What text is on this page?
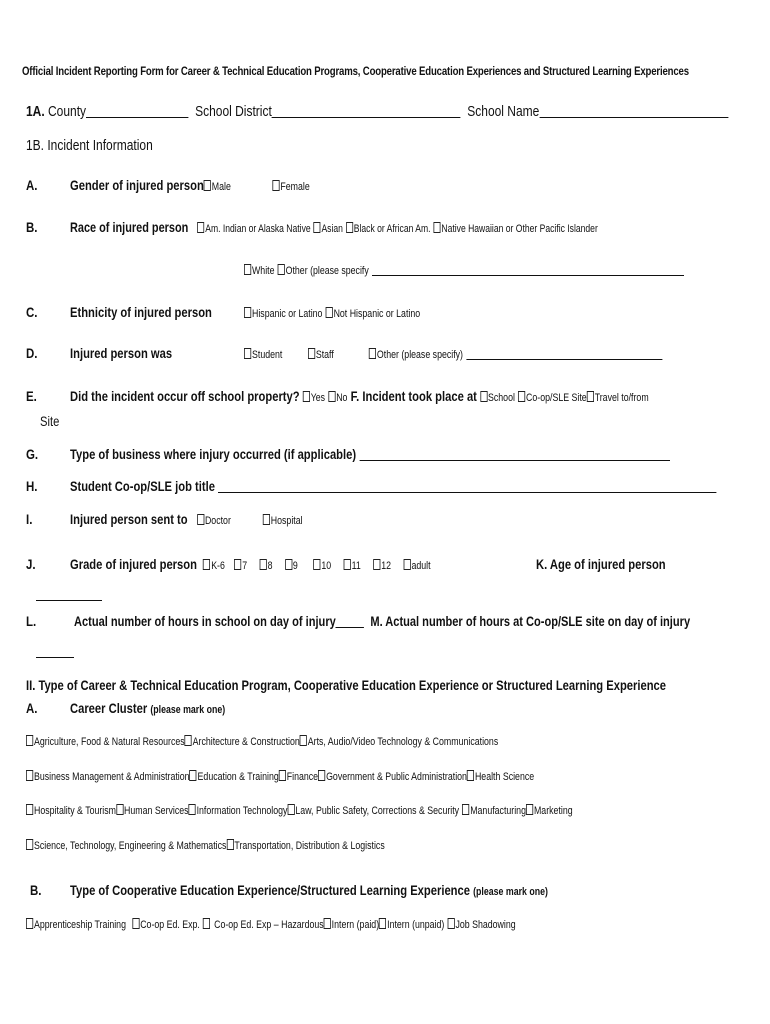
Official Incident Reporting Form for Career & Technical Education Programs, Cooperative Education Experiences and Structured Learning Experiences
1A. County	School District	School Name
1B. Incident Information
A. Gender of injured person Male	Female
B. Race of injured person Am. Indian or Alaska Native Asian Black or African Am. Native Hawaiian or Other Pacific Islander
White Other (please specify
C. Ethnicity of injured person	Hispanic or Latino Not Hispanic or Latino
D. Injured person was	Student	Staff	Other (please specify)
E. Did the incident occur off school property? Yes No F. Incident took place at School Co-op/SLE Site Travel to/from
Site
G. Type of business where injury occurred (if applicable)
H. Student Co-op/SLE job title
I.	Injured person sent to Doctor	Hospital
J. Grade of injured person K-6 7 8 9 10 11 12 adult	K. Age of injured person
L.	Actual number of hours in school on day of injury M. Actual number of hours at Co-op/SLE site on day of injury
II. Type of Career & Technical Education Program, Cooperative Education Experience or Structured Learning Experience
A. Career Cluster (please mark one)
Agriculture, Food & Natural Resources Architecture & Construction Arts, Audio/Video Technology & Communications
Business Management & Administration Education & Training Finance Government & Public Administration Health Science
Hospitality & Tourism Human Services Information Technology Law, Public Safety, Corrections & Security Manufacturing Marketing
Science, Technology, Engineering & Mathematics Transportation, Distribution & Logistics
B. Type of Cooperative Education Experience/Structured Learning Experience (please mark one)
Apprenticeship Training Co-op Ed. Exp. Co-op Ed. Exp – Hazardous Intern (paid) Intern (unpaid) Job Shadowing
